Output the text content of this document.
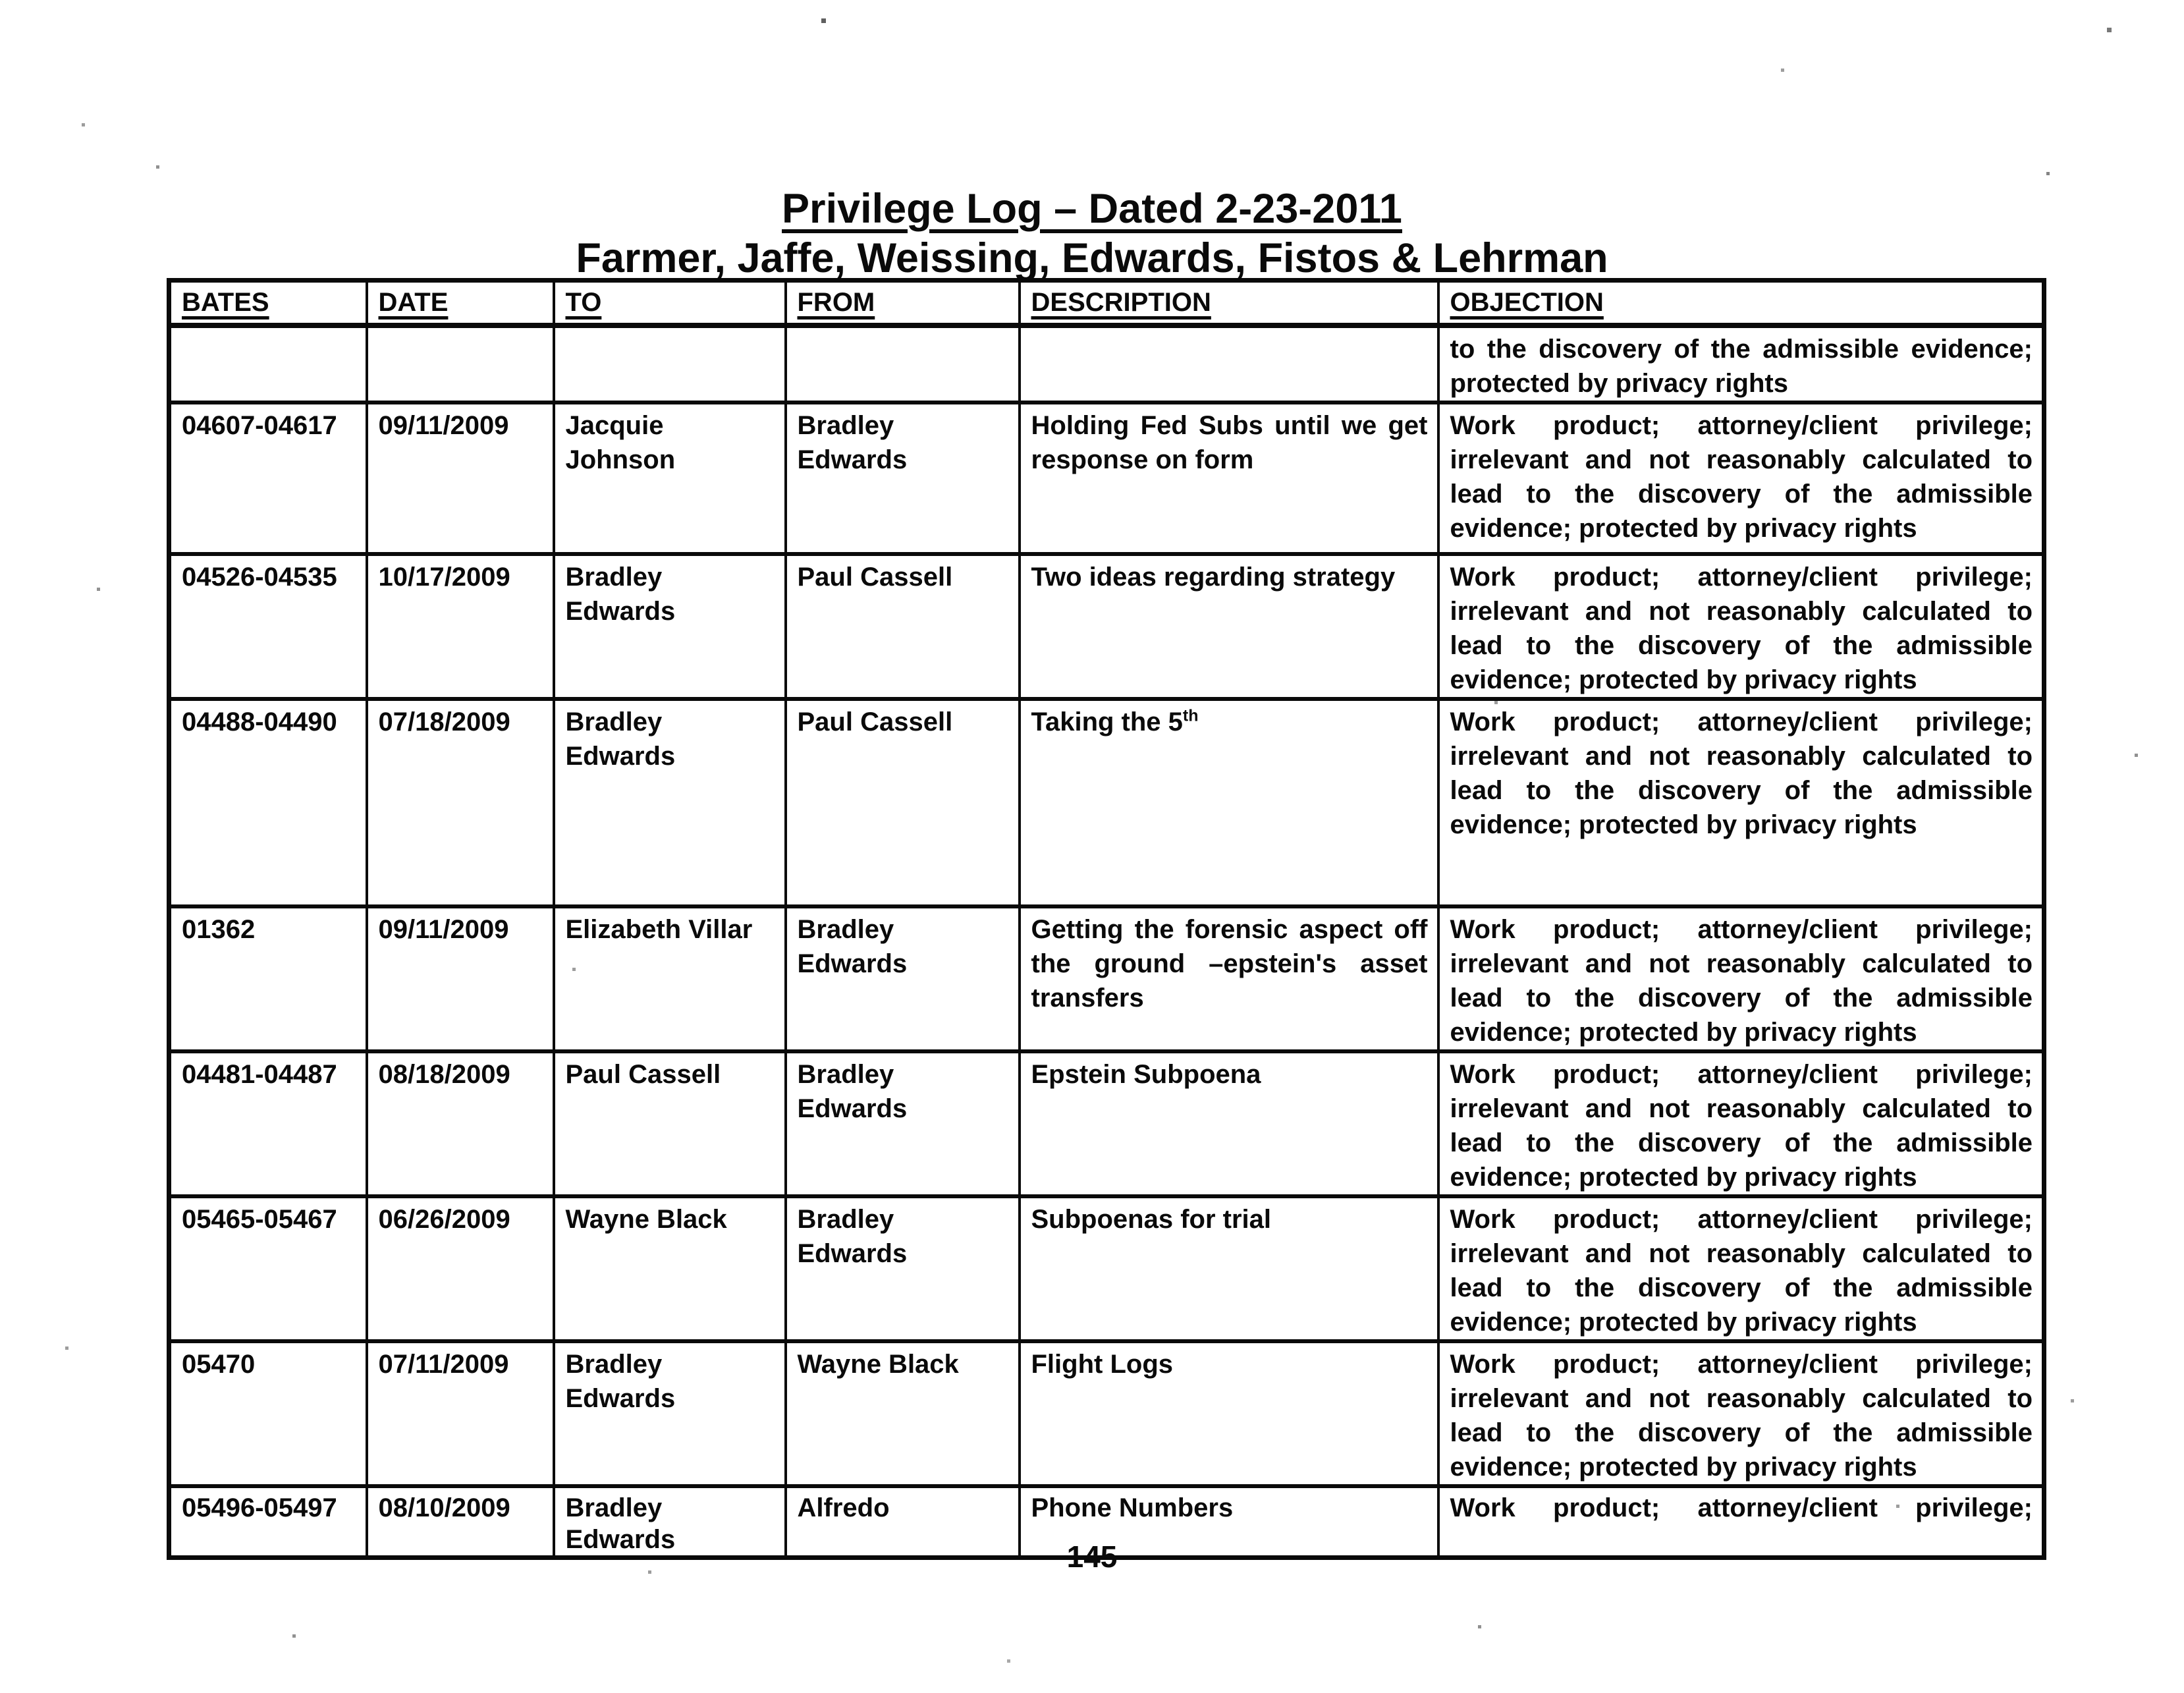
Privilege Log – Dated 2-23-2011
Farmer, Jaffe, Weissing, Edwards, Fistos & Lehrman
BATES	DATE	TO	FROM	DESCRIPTION	OBJECTION
					to the discovery of the admissible evidence; protected by privacy rights
04607-04617	09/11/2009	Jacquie Johnson	Bradley Edwards	Holding Fed Subs until we get response on form	Work product; attorney/client privilege; irrelevant and not reasonably calculated to lead to the discovery of the admissible evidence; protected by privacy rights
04526-04535	10/17/2009	Bradley Edwards	Paul Cassell	Two ideas regarding strategy	Work product; attorney/client privilege; irrelevant and not reasonably calculated to lead to the discovery of the admissible evidence; protected by privacy rights
04488-04490	07/18/2009	Bradley Edwards	Paul Cassell	Taking the 5th	Work product; attorney/client privilege; irrelevant and not reasonably calculated to lead to the discovery of the admissible evidence; protected by privacy rights
01362	09/11/2009	Elizabeth Villar	Bradley Edwards	Getting the forensic aspect off the ground –epstein's asset transfers	Work product; attorney/client privilege; irrelevant and not reasonably calculated to lead to the discovery of the admissible evidence; protected by privacy rights
04481-04487	08/18/2009	Paul Cassell	Bradley Edwards	Epstein Subpoena	Work product; attorney/client privilege; irrelevant and not reasonably calculated to lead to the discovery of the admissible evidence; protected by privacy rights
05465-05467	06/26/2009	Wayne Black	Bradley Edwards	Subpoenas for trial	Work product; attorney/client privilege; irrelevant and not reasonably calculated to lead to the discovery of the admissible evidence; protected by privacy rights
05470	07/11/2009	Bradley Edwards	Wayne Black	Flight Logs	Work product; attorney/client privilege; irrelevant and not reasonably calculated to lead to the discovery of the admissible evidence; protected by privacy rights
05496-05497	08/10/2009	Bradley Edwards	Alfredo	Phone Numbers	Work product; attorney/client privilege;
145
